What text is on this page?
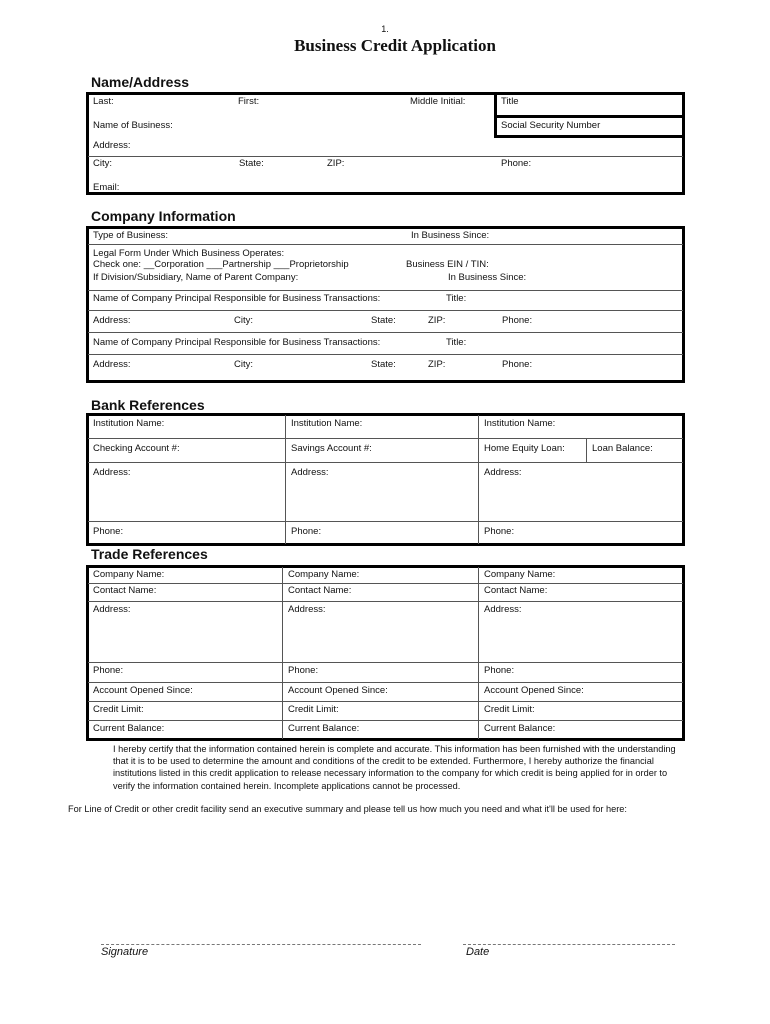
1.
Business Credit Application
Name/Address
Last:	First:	Middle Initial:	Title
Name of Business:	Social Security Number
Address:
City:	State:	ZIP:	Phone:
Email:
Company Information
Type of Business:	In Business Since:
Legal Form Under Which Business Operates:
Check one: __Corporation ___Partnership ___Proprietorship	Business EIN / TIN:
If Division/Subsidiary, Name of Parent Company:	In Business Since:
Name of Company Principal Responsible for Business Transactions:	Title:
Address:	City:	State:	ZIP:	Phone:
Name of Company Principal Responsible for Business Transactions:	Title:
Address:	City:	State:	ZIP:	Phone:
Bank References
Institution Name:	Institution Name:	Institution Name:
Checking Account #:	Savings Account #:	Home Equity Loan:	Loan Balance:
Address:	Address:	Address:
Phone:	Phone:	Phone:
Trade References
Company Name:	Company Name:	Company Name:
Contact Name:	Contact Name:	Contact Name:
Address:	Address:	Address:
Phone:	Phone:	Phone:
Account Opened Since:	Account Opened Since:	Account Opened Since:
Credit Limit:	Credit Limit:	Credit Limit:
Current Balance:	Current Balance:	Current Balance:
I hereby certify that the information contained herein is complete and accurate. This information has been furnished with the understanding that it is to be used to determine the amount and conditions of the credit to be extended. Furthermore, I hereby authorize the financial institutions listed in this credit application to release necessary information to the company for which credit is being applied for in order to verify the information contained herein. Incomplete applications cannot be processed.
For Line of Credit or other credit facility send an executive summary and please tell us how much you need and what it'll be used for here:
Signature	Date
